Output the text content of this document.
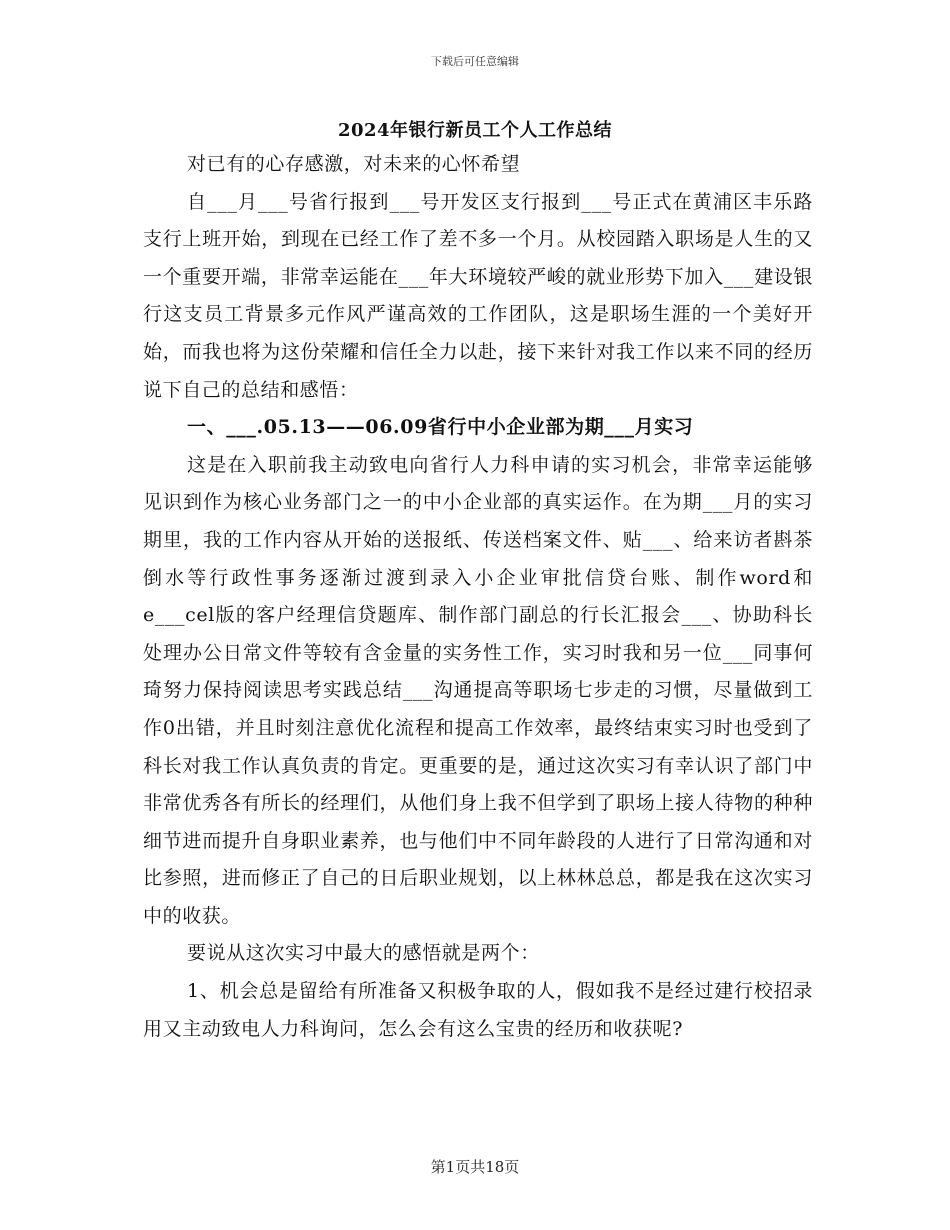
下载后可任意编辑
2024年银行新员工个人工作总结

对已有的心存感激，对未来的心怀希望

自___月___号省行报到___号开发区支行报到___号正式在黄浦区丰乐路支行上班开始，到现在已经工作了差不多一个月。从校园踏入职场是人生的又一个重要开端，非常幸运能在___年大环境较严峻的就业形势下加入___建设银行这支员工背景多元作风严谨高效的工作团队，这是职场生涯的一个美好开始，而我也将为这份荣耀和信任全力以赴，接下来针对我工作以来不同的经历说下自己的总结和感悟：

一、___.05.13——06.09省行中小企业部为期___月实习

这是在入职前我主动致电向省行人力科申请的实习机会，非常幸运能够见识到作为核心业务部门之一的中小企业部的真实运作。在为期___月的实习期里，我的工作内容从开始的送报纸、传送档案文件、贴___、给来访者斟茶倒水等行政性事务逐渐过渡到录入小企业审批信贷台账、制作word和e___cel版的客户经理信贷题库、制作部门副总的行长汇报会___、协助科长处理办公日常文件等较有含金量的实务性工作，实习时我和另一位___同事何琦努力保持阅读思考实践总结___沟通提高等职场七步走的习惯，尽量做到工作0出错，并且时刻注意优化流程和提高工作效率，最终结束实习时也受到了科长对我工作认真负责的肯定。更重要的是，通过这次实习有幸认识了部门中非常优秀各有所长的经理们，从他们身上我不但学到了职场上接人待物的种种细节进而提升自身职业素养，也与他们中不同年龄段的人进行了日常沟通和对比参照，进而修正了自己的日后职业规划，以上林林总总，都是我在这次实习中的收获。

要说从这次实习中最大的感悟就是两个：

1、机会总是留给有所准备又积极争取的人，假如我不是经过建行校招录用又主动致电人力科询问，怎么会有这么宝贵的经历和收获呢?

第1页共18页
